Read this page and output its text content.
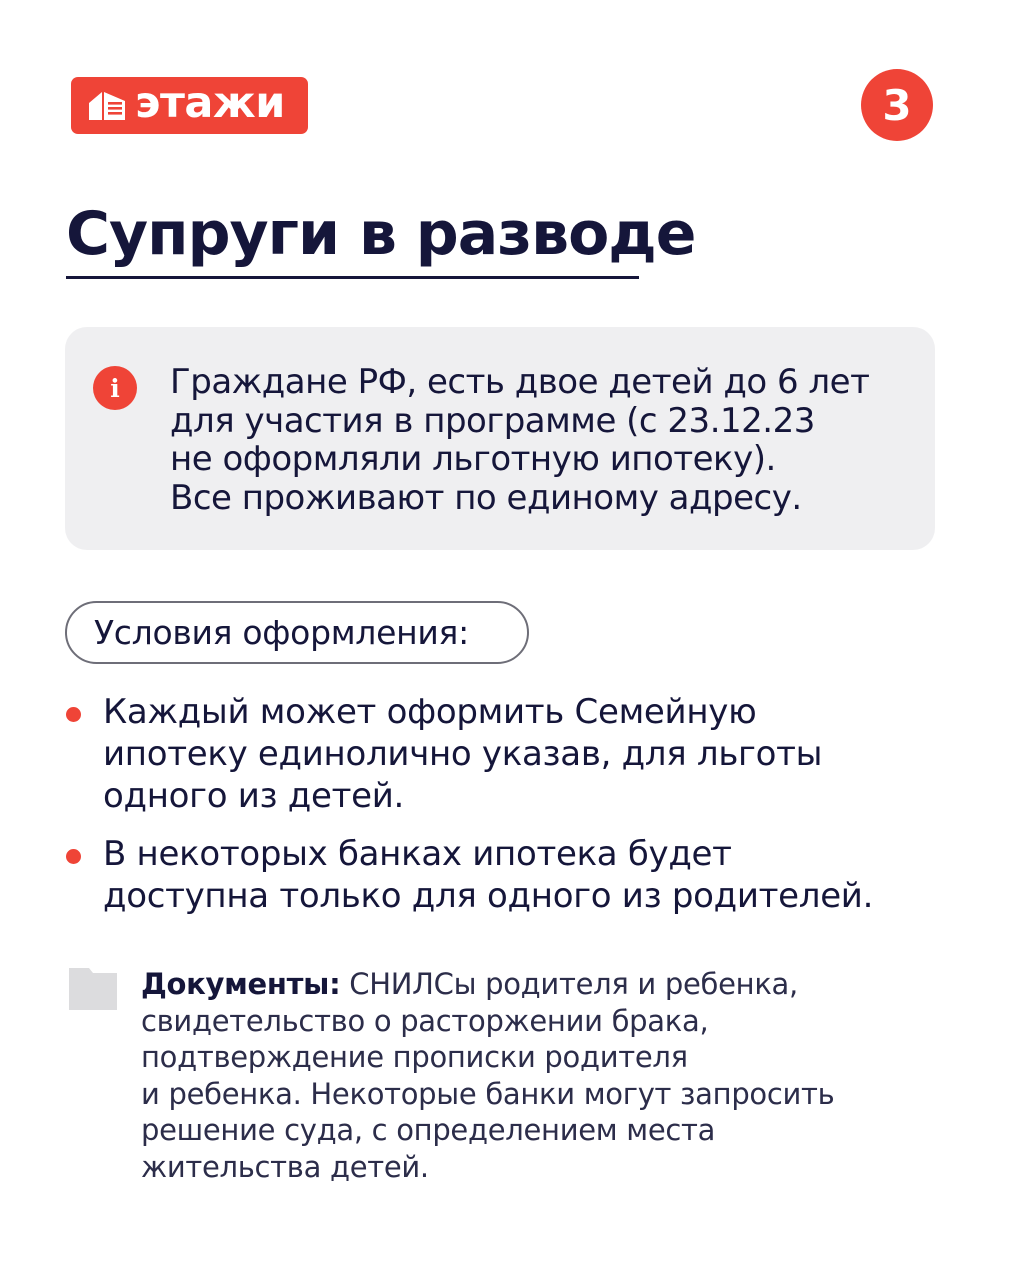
этажи	3
Супруги в разводе
i	Граждане РФ, есть двое детей до 6 лет
для участия в программе (с 23.12.23
не оформляли льготную ипотеку).
Все проживают по единому адресу.
Условия оформления:
Каждый может оформить Семейную
ипотеку единолично указав, для льготы
одного из детей.
В некоторых банках ипотека будет
доступна только для одного из родителей.
Документы: СНИЛСы родителя и ребенка,
свидетельство о расторжении брака,
подтверждение прописки родителя
и ребенка. Некоторые банки могут запросить
решение суда, с определением места
жительства детей.
